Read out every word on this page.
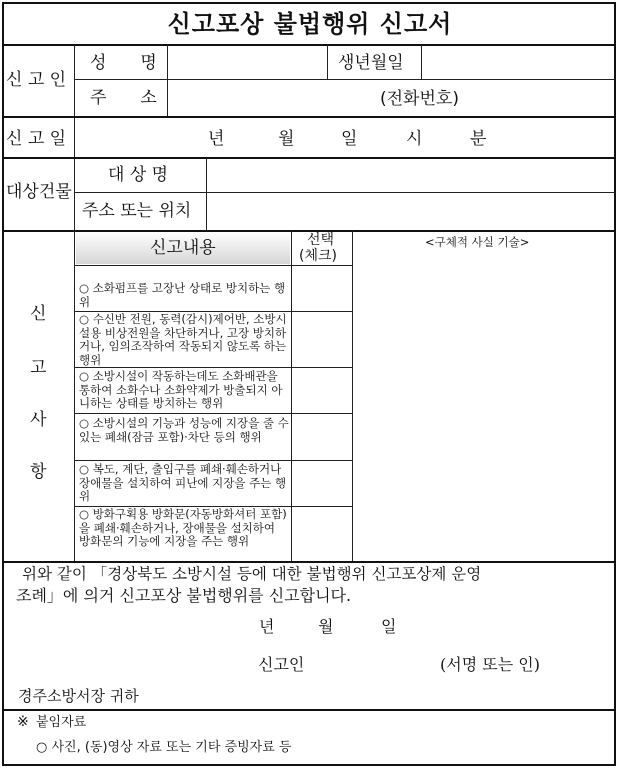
신고포상 불법행위 신고서
신 고 인
성　　명	생년월일
주　　소	(전화번호)
신 고 일	년	월	일	시	분
대상건물
대 상 명
주소 또는 위치
신
고
사
항
신고내용	선택
(체크)
<구체적 사실 기술>
○ 소화펌프를 고장난 상태로 방치하는 행위
○ 수신반 전원, 동력(감시)제어반, 소방시설용 비상전원을 차단하거나, 고장 방치하거나, 임의조작하여 작동되지 않도록 하는 행위
○ 소방시설이 작동하는데도 소화배관을 통하여 소화수나 소화약제가 방출되지 아니하는 상태를 방치하는 행위
○ 소방시설의 기능과 성능에 지장을 줄 수 있는 폐쇄(잠금 포함)·차단 등의 행위
○ 복도, 계단, 출입구를 폐쇄·훼손하거나 장애물을 설치하여 피난에 지장을 주는 행위
○ 방화구획용 방화문(자동방화셔터 포함)을 폐쇄·훼손하거나, 장애물을 설치하여 방화문의 기능에 지장을 주는 행위
위와 같이 「경상북도 소방시설 등에 대한 불법행위 신고포상제 운영
조례」에 의거 신고포상 불법행위를 신고합니다.
년	월	일
신고인	(서명 또는 인)
경주소방서장 귀하
※ 붙임자료
○ 사진, (동)영상 자료 또는 기타 증빙자료 등
